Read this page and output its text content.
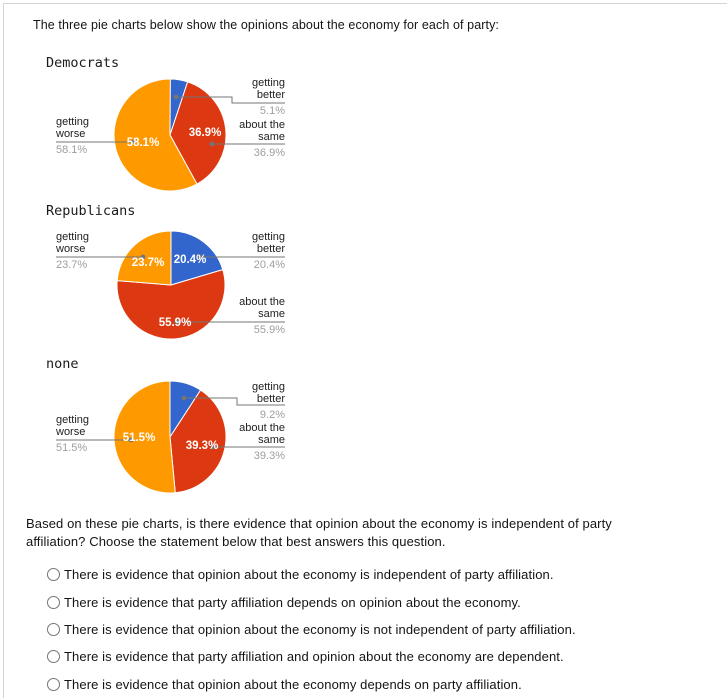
The three pie charts below show the opinions about the economy for each of party:
Democrats
36.9%
58.1%
getting
better
5.1%
about the
same
36.9%
getting
worse
58.1%
Republicans
20.4%
55.9%
23.7%
getting
better
20.4%
about the
same
55.9%
getting
worse
23.7%
none
39.3%
51.5%
getting
better
9.2%
about the
same
39.3%
getting
worse
51.5%
Based on these pie charts, is there evidence that opinion about the economy is independent of party affiliation? Choose the statement below that best answers this question.
There is evidence that opinion about the economy is independent of party affiliation.
There is evidence that party affiliation depends on opinion about the economy.
There is evidence that opinion about the economy is not independent of party affiliation.
There is evidence that party affiliation and opinion about the economy are dependent.
There is evidence that opinion about the economy depends on party affiliation.
